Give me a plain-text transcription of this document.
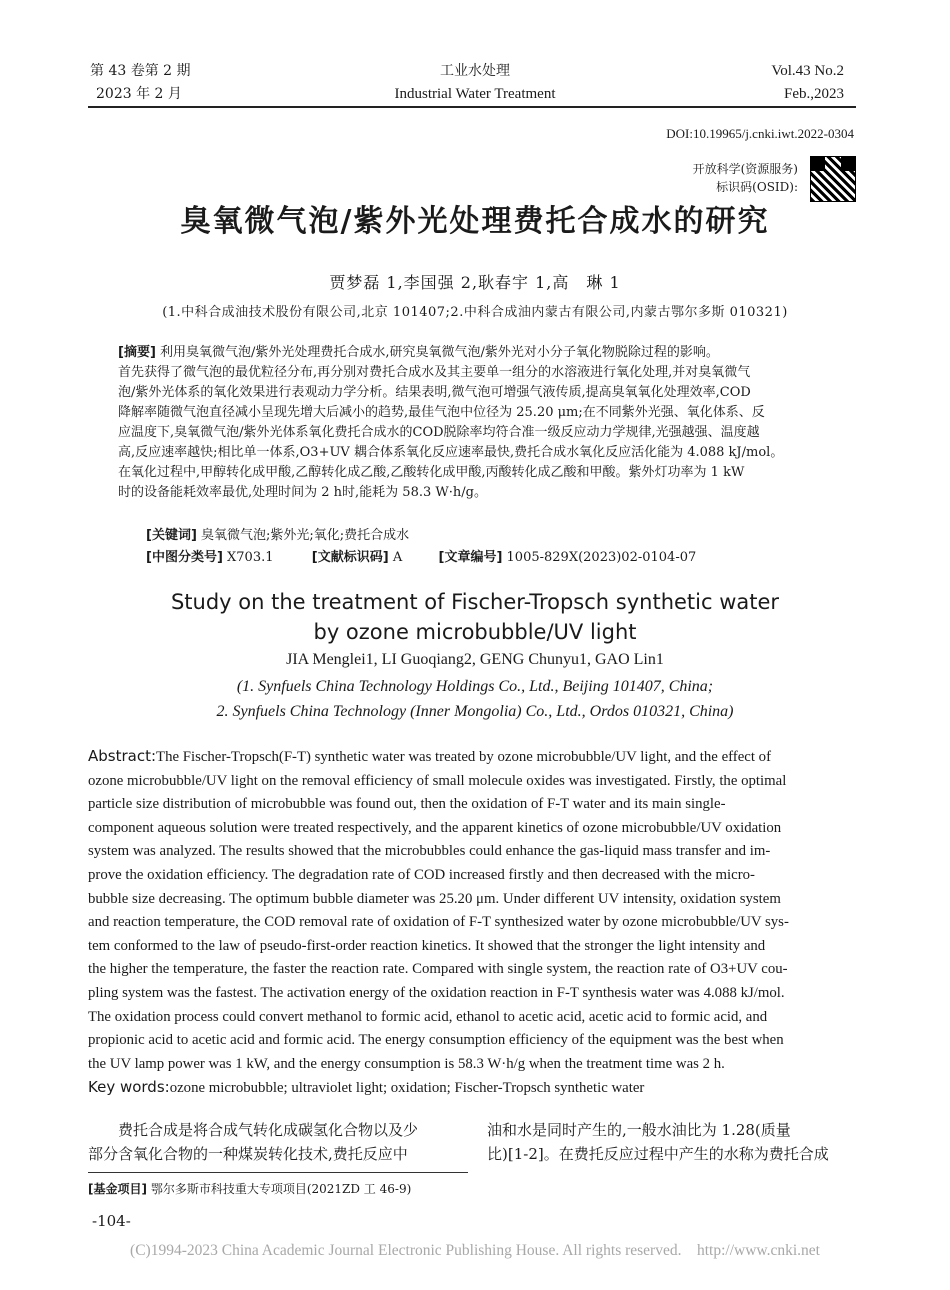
第 43 卷第 2 期
2023 年 2 月
工业水处理
Industrial Water Treatment
Vol.43 No.2
Feb.,2023
DOI:10.19965/j.cnki.iwt.2022-0304
开放科学(资源服务)
标识码(OSID):
臭氧微气泡/紫外光处理费托合成水的研究
贾梦磊 1,李国强 2,耿春宇 1,高　琳 1
(1.中科合成油技术股份有限公司,北京 101407;2.中科合成油内蒙古有限公司,内蒙古鄂尔多斯 010321)
[摘要] 利用臭氧微气泡/紫外光处理费托合成水,研究臭氧微气泡/紫外光对小分子氧化物脱除过程的影响。
首先获得了微气泡的最优粒径分布,再分别对费托合成水及其主要单一组分的水溶液进行氧化处理,并对臭氧微气
泡/紫外光体系的氧化效果进行表观动力学分析。结果表明,微气泡可增强气液传质,提高臭氧氧化处理效率,COD
降解率随微气泡直径减小呈现先增大后减小的趋势,最佳气泡中位径为 25.20 μm;在不同紫外光强、氧化体系、反
应温度下,臭氧微气泡/紫外光体系氧化费托合成水的COD脱除率均符合准一级反应动力学规律,光强越强、温度越
高,反应速率越快;相比单一体系,O3+UV 耦合体系氧化反应速率最快,费托合成水氧化反应活化能为 4.088 kJ/mol。
在氧化过程中,甲醇转化成甲酸,乙醇转化成乙酸,乙酸转化成甲酸,丙酸转化成乙酸和甲酸。紫外灯功率为 1 kW
时的设备能耗效率最优,处理时间为 2 h时,能耗为 58.3 W·h/g。
[关键词] 臭氧微气泡;紫外光;氧化;费托合成水
[中图分类号] X703.1	[文献标识码] A	[文章编号] 1005-829X(2023)02-0104-07
Study on the treatment of Fischer-Tropsch synthetic water
by ozone microbubble/UV light
JIA Menglei1, LI Guoqiang2, GENG Chunyu1, GAO Lin1
(1. Synfuels China Technology Holdings Co., Ltd., Beijing 101407, China;
2. Synfuels China Technology (Inner Mongolia) Co., Ltd., Ordos 010321, China)
Abstract:The Fischer-Tropsch(F-T) synthetic water was treated by ozone microbubble/UV light, and the effect of
ozone microbubble/UV light on the removal efficiency of small molecule oxides was investigated. Firstly, the optimal
particle size distribution of microbubble was found out, then the oxidation of F-T water and its main single-
component aqueous solution were treated respectively, and the apparent kinetics of ozone microbubble/UV oxidation
system was analyzed. The results showed that the microbubbles could enhance the gas-liquid mass transfer and im-
prove the oxidation efficiency. The degradation rate of COD increased firstly and then decreased with the micro-
bubble size decreasing. The optimum bubble diameter was 25.20 μm. Under different UV intensity, oxidation system
and reaction temperature, the COD removal rate of oxidation of F-T synthesized water by ozone microbubble/UV sys-
tem conformed to the law of pseudo-first-order reaction kinetics. It showed that the stronger the light intensity and
the higher the temperature, the faster the reaction rate. Compared with single system, the reaction rate of O3+UV cou-
pling system was the fastest. The activation energy of the oxidation reaction in F-T synthesis water was 4.088 kJ/mol.
The oxidation process could convert methanol to formic acid, ethanol to acetic acid, acetic acid to formic acid, and
propionic acid to acetic acid and formic acid. The energy consumption efficiency of the equipment was the best when
the UV lamp power was 1 kW, and the energy consumption is 58.3 W·h/g when the treatment time was 2 h.
Key words:ozone microbubble; ultraviolet light; oxidation; Fischer-Tropsch synthetic water
费托合成是将合成气转化成碳氢化合物以及少
部分含氧化合物的一种煤炭转化技术,费托反应中
油和水是同时产生的,一般水油比为 1.28(质量
比)[1-2]。在费托反应过程中产生的水称为费托合成
[基金项目] 鄂尔多斯市科技重大专项项目(2021ZD 工 46-9)
-104-
(C)1994-2023 China Academic Journal Electronic Publishing House. All rights reserved.    http://www.cnki.net
